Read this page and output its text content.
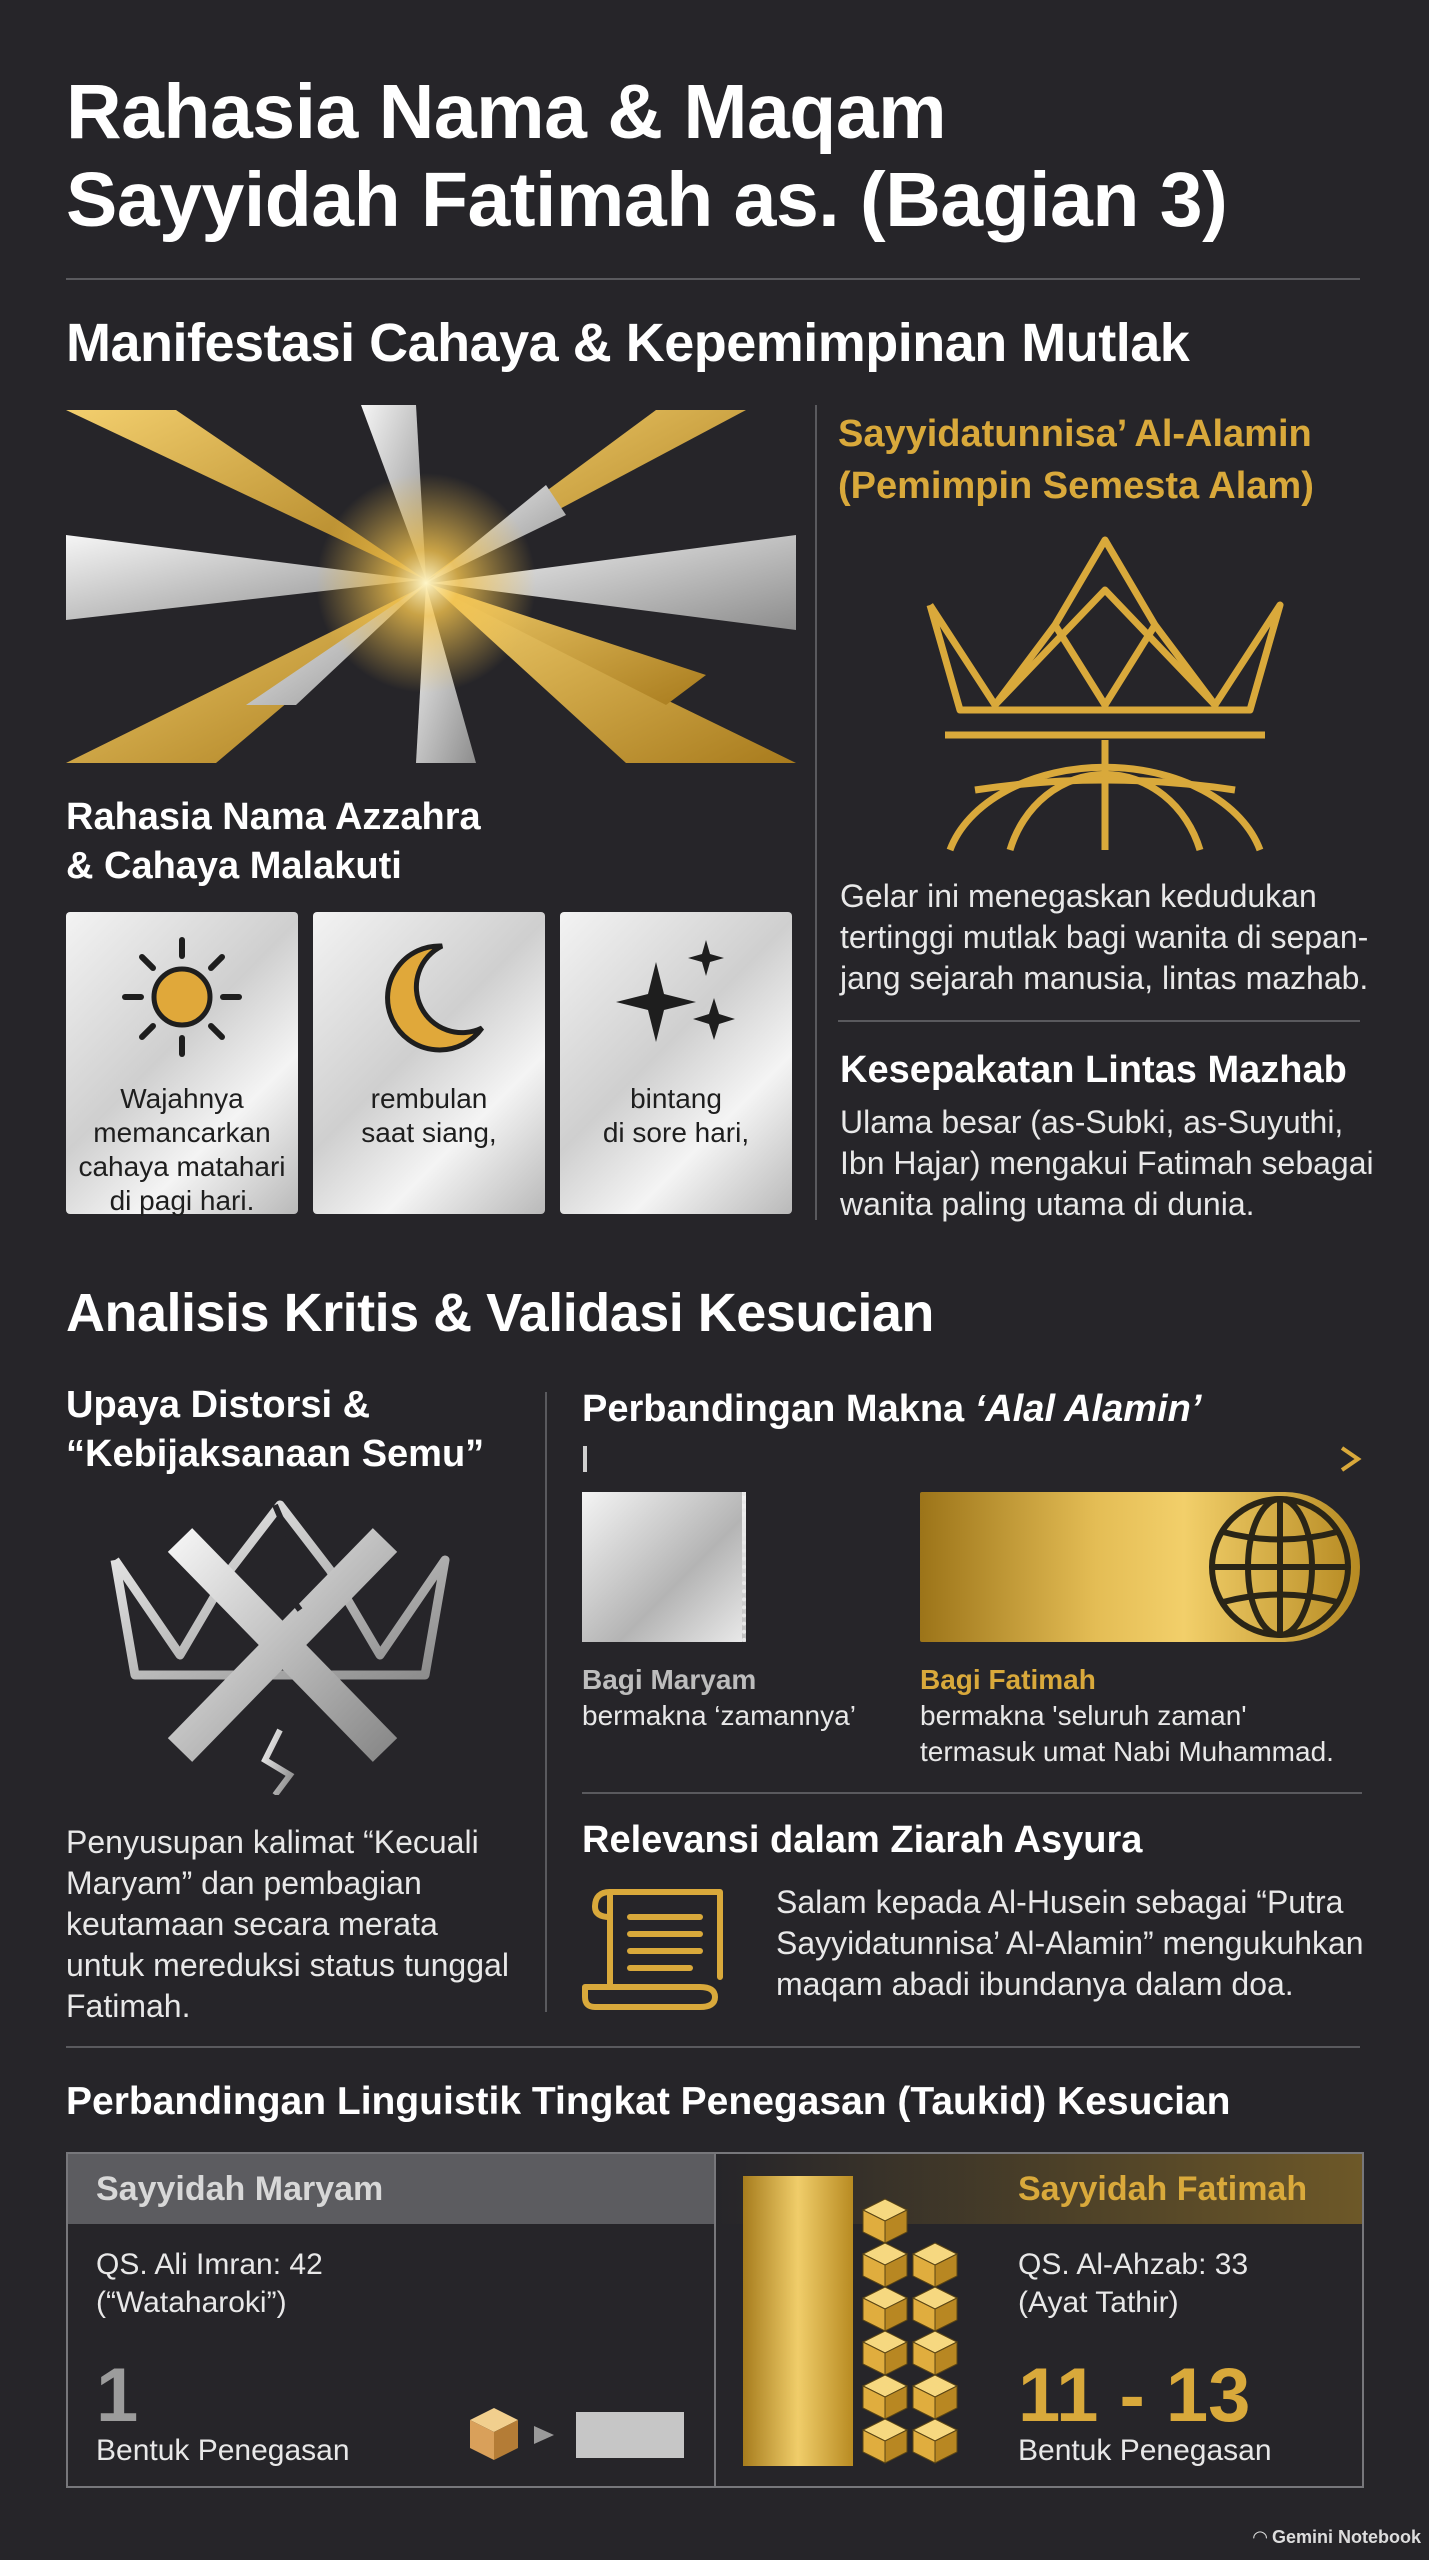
Rahasia Nama & Maqam
Sayyidah Fatimah as. (Bagian 3)
Manifestasi Cahaya & Kepemimpinan Mutlak
Rahasia Nama Azzahra
& Cahaya Malakuti
Wajahnya
memancarkan
cahaya matahari
di pagi hari.
rembulan
saat siang,
bintang
di sore hari,
Sayyidatunnisa’ Al-Alamin
(Pemimpin Semesta Alam)
Gelar ini menegaskan kedudukan
tertinggi mutlak bagi wanita di sepan-
jang sejarah manusia, lintas mazhab.
Kesepakatan Lintas Mazhab
Ulama besar (as-Subki, as-Suyuthi,
Ibn Hajar) mengakui Fatimah sebagai
wanita paling utama di dunia.
Analisis Kritis & Validasi Kesucian
Upaya Distorsi &
“Kebijaksanaan Semu”
Penyusupan kalimat “Kecuali
Maryam” dan pembagian
keutamaan secara merata
untuk mereduksi status tunggal
Fatimah.
Perbandingan Makna ‘Alal Alamin’
Bagi Maryam
bermakna ‘zamannya’
Bagi Fatimah
bermakna 'seluruh zaman'
termasuk umat Nabi Muhammad.
Relevansi dalam Ziarah Asyura
Salam kepada Al-Husein sebagai “Putra
Sayyidatunnisa’ Al-Alamin” mengukuhkan
maqam abadi ibundanya dalam doa.
Perbandingan Linguistik Tingkat Penegasan (Taukid) Kesucian
Sayyidah Maryam
QS. Ali Imran: 42
(“Wataharoki”)
1
Bentuk Penegasan
Sayyidah Fatimah
QS. Al-Ahzab: 33
(Ayat Tathir)
11 - 13
Bentuk Penegasan
◠ Gemini Notebook
